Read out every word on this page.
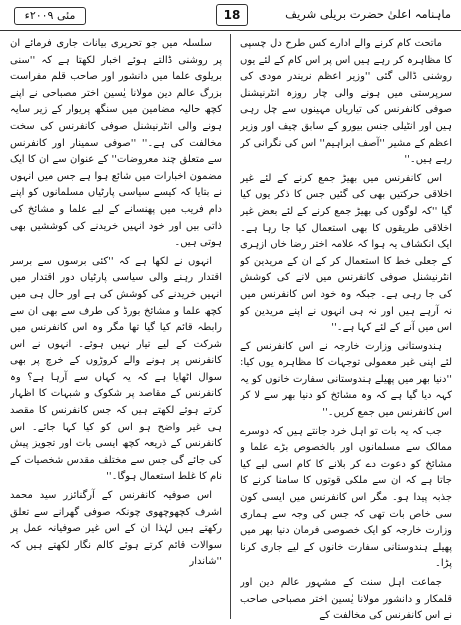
مئی ۲۰۰۹ء	18	ماہنامہ اعلیٰ حضرت بریلی شریف

ماتحت کام کرنے والے ادارے کس طرح دل چسپی کا مظاہرہ کر رہے ہیں اس پر اس کام کے لئے یوں روشنی ڈالی گئی ''وزیر اعظم نریندر مودی کی سرپرستی میں ہونے والی چار روزہ انٹرنیشنل صوفی کانفرنس کی تیاریاں مہینوں سے چل رہی ہیں اور انٹیلی جنس بیورو کے سابق چیف اور وزیر اعظم کے مشیر ''آصف ابراہیم'' اس کی نگرانی کر رہے ہیں۔''

اس کانفرنس میں بھیڑ جمع کرنے کے لئے غیر اخلاقی حرکتیں بھی کی گئیں جس کا ذکر یوں کیا گیا ''کہ لوگوں کی بھیڑ جمع کرنے کے لئے بعض غیر اخلاقی طریقوں کا بھی استعمال کیا جا رہا ہے۔ ایک انکشاف یہ ہوا کہ علامہ اختر رضا خاں ازہری کے جعلی خط کا استعمال کر کے ان کے مریدین کو انٹرنیشنل صوفی کانفرنس میں لانے کی کوشش کی جا رہی ہے۔ جبکہ وہ خود اس کانفرنس میں نہ آرہے ہیں اور نہ ہی انہوں نے اپنے مریدین کو اس میں آنے کے لئے کہا ہے۔''

ہندوستانی وزارت خارجہ نے اس کانفرنس کے لئے اپنی غیر معمولی توجہات کا مظاہرہ یوں کیا: ''دنیا بھر میں پھیلے ہندوستانی سفارت خانوں کو یہ کہہ دیا گیا ہے کہ وہ مشائخ کو دنیا بھر سے لا کر اس کانفرنس میں جمع کریں۔''

جب کہ یہ بات تو اہل خرد جانتے ہیں کہ دوسرے ممالک سے مسلمانوں اور بالخصوص بڑے علما و مشائخ کو دعوت دے کر بلانے کا کام اسی لیے کیا جاتا ہے کہ ان سے ملکی قوتوں کا سامنا کرنے کا جذبہ پیدا ہو۔ مگر اس کانفرنس میں ایسی کون سی خاص بات تھی کہ جس کی وجہ سے ہماری وزارت خارجہ کو ایک خصوصی فرمان دنیا بھر میں پھیلے ہندوستانی سفارت خانوں کے لیے جاری کرنا پڑا۔

جماعت اہل سنت کے مشہور عالم دین اور قلمکار و دانشور مولانا یٰسین اختر مصباحی صاحب نے اس کانفرنس کی مخالفت کے

سلسلہ میں جو تحریری بیانات جاری فرمائے ان پر روشنی ڈالتے ہوئے اخبار لکھتا ہے کہ ''سنی بریلوی علما میں دانشور اور صاحب قلم مفراست بزرگ عالم دین مولانا یٰسین اختر مصباحی نے اپنے کچھ حالیہ مضامین میں سنگھ پریوار کے زیر سایہ ہونے والی انٹرنیشنل صوفی کانفرنس کی سخت مخالفت کی ہے۔'' ''صوفی سمینار اور کانفرنس سے متعلق چند معروضات'' کے عنوان سے ان کا ایک مضمون اخبارات میں شائع ہوا ہے جس میں انہوں نے بتایا کہ کیسے سیاسی پارٹیاں مسلمانوں کو اپنے دام فریب میں پھنسانے کے لیے علما و مشائخ کی ذاتی بیں اور خود انہیں خریدنے کی کوششیں بھی ہوتی ہیں۔

انہوں نے لکھا ہے کہ ''کئی برسوں سے برسر اقتدار رہنے والی سیاسی پارٹیاں دور اقتدار میں انہیں خریدنے کی کوشش کی ہے اور حال ہی میں کچھ علما و مشائخ بورڈ کی طرف سے بھی ان سے رابطہ قائم کیا گیا تھا مگر وہ اس کانفرنس میں شرکت کے لیے تیار نہیں ہوئے۔ انہوں نے اس کانفرنس پر ہونے والے کروڑوں کے خرچ پر بھی سوال اٹھایا ہے کہ یہ کہاں سے آرہا ہے؟ وہ کانفرنس کے مقاصد پر شکوک و شبہات کا اظہار کرتے ہوئے لکھتے ہیں کہ جس کانفرنس کا مقصد ہی غیر واضح ہو اس کو کیا کہا جائے۔ اس کانفرنس کے ذریعہ کچھ ایسی بات اور تجویز پیش کی جائے گی جس سے مختلف مقدس شخصیات کے نام کا غلط استعمال ہوگا۔''

اس صوفیہ کانفرنس کے آرگنائزر سید محمد اشرف کچھوچھوی چونکہ صوفی گھرانے سے تعلق رکھتے ہیں لہٰذا ان کے اس غیر صوفیانہ عمل پر سوالات قائم کرتے ہوئے کالم نگار لکھتے ہیں کہ ''شاندار
